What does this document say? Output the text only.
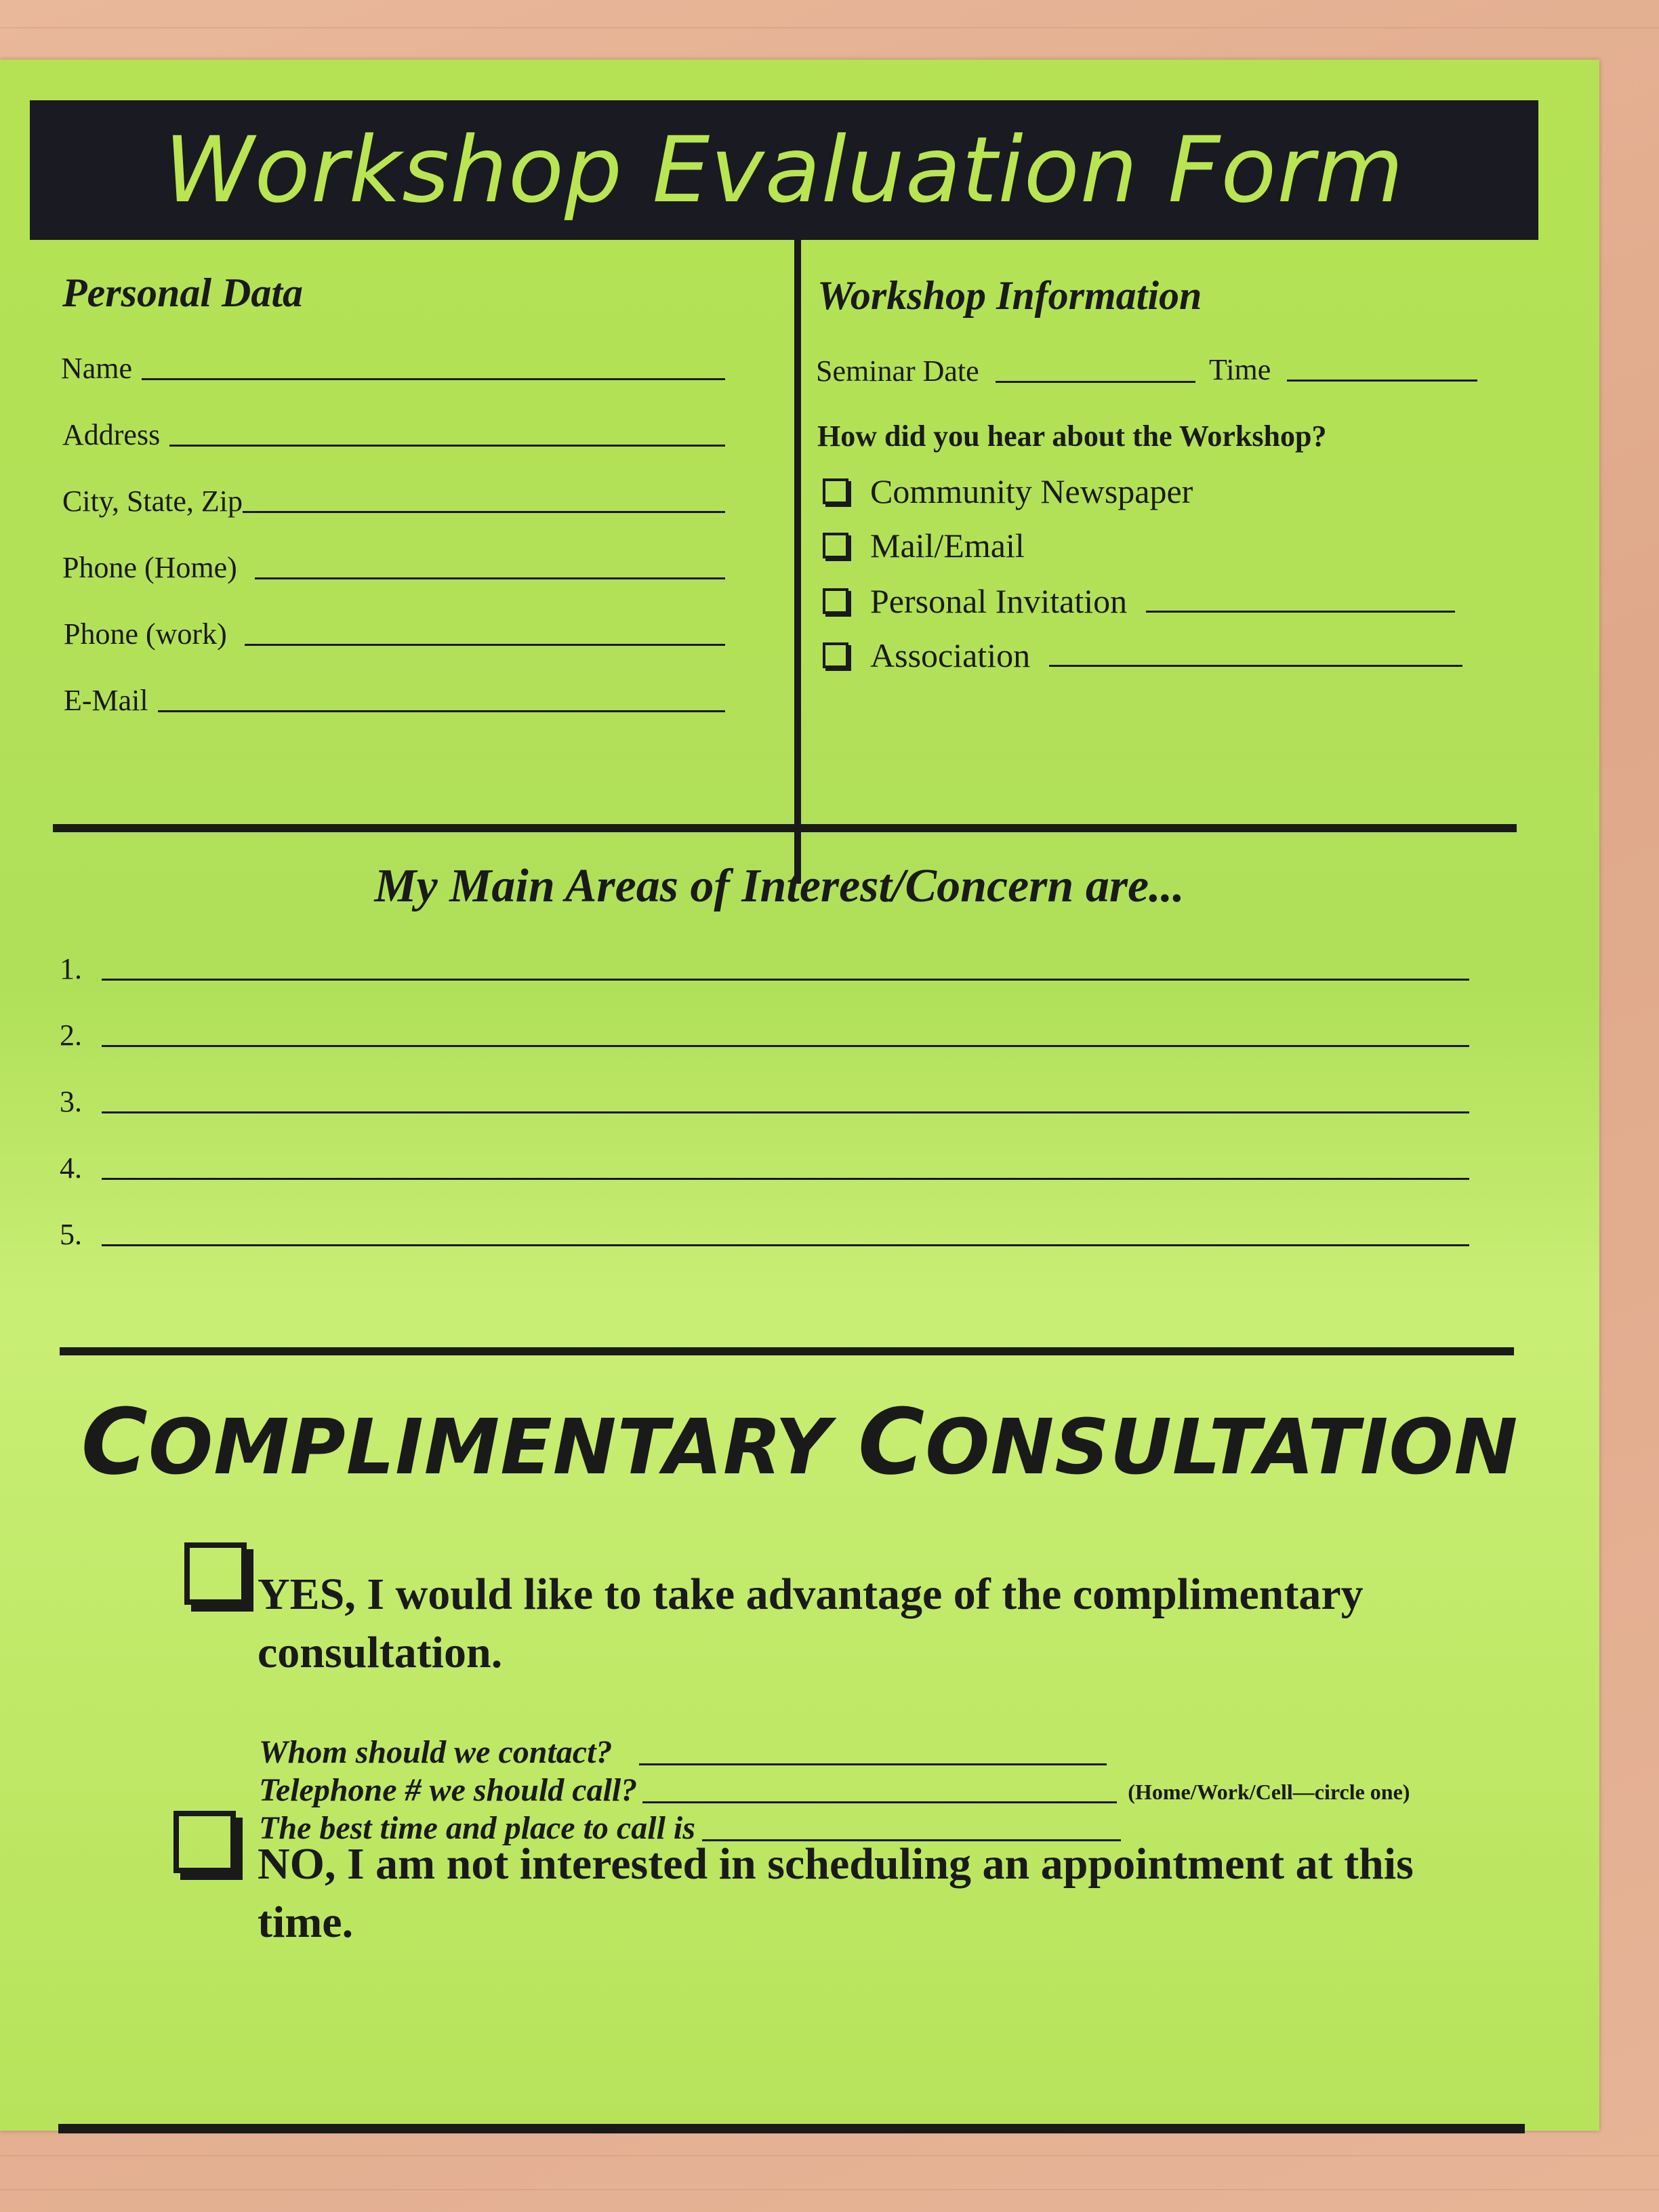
Workshop Evaluation Form
Personal Data
Name
Address
City, State, Zip
Phone (Home)
Phone (work)
E-Mail
Workshop Information
Seminar Date	Time
How did you hear about the Workshop?
Community Newspaper
Mail/Email
Personal Invitation
Association
My Main Areas of Interest/Concern are...
1.
2.
3.
4.
5.
COMPLIMENTARY CONSULTATION
YES, I would like to take advantage of the complimentary consultation.
Whom should we contact?
Telephone # we should call?	(Home/Work/Cell—circle one)
The best time and place to call is
NO, I am not interested in scheduling an appointment at this time.
